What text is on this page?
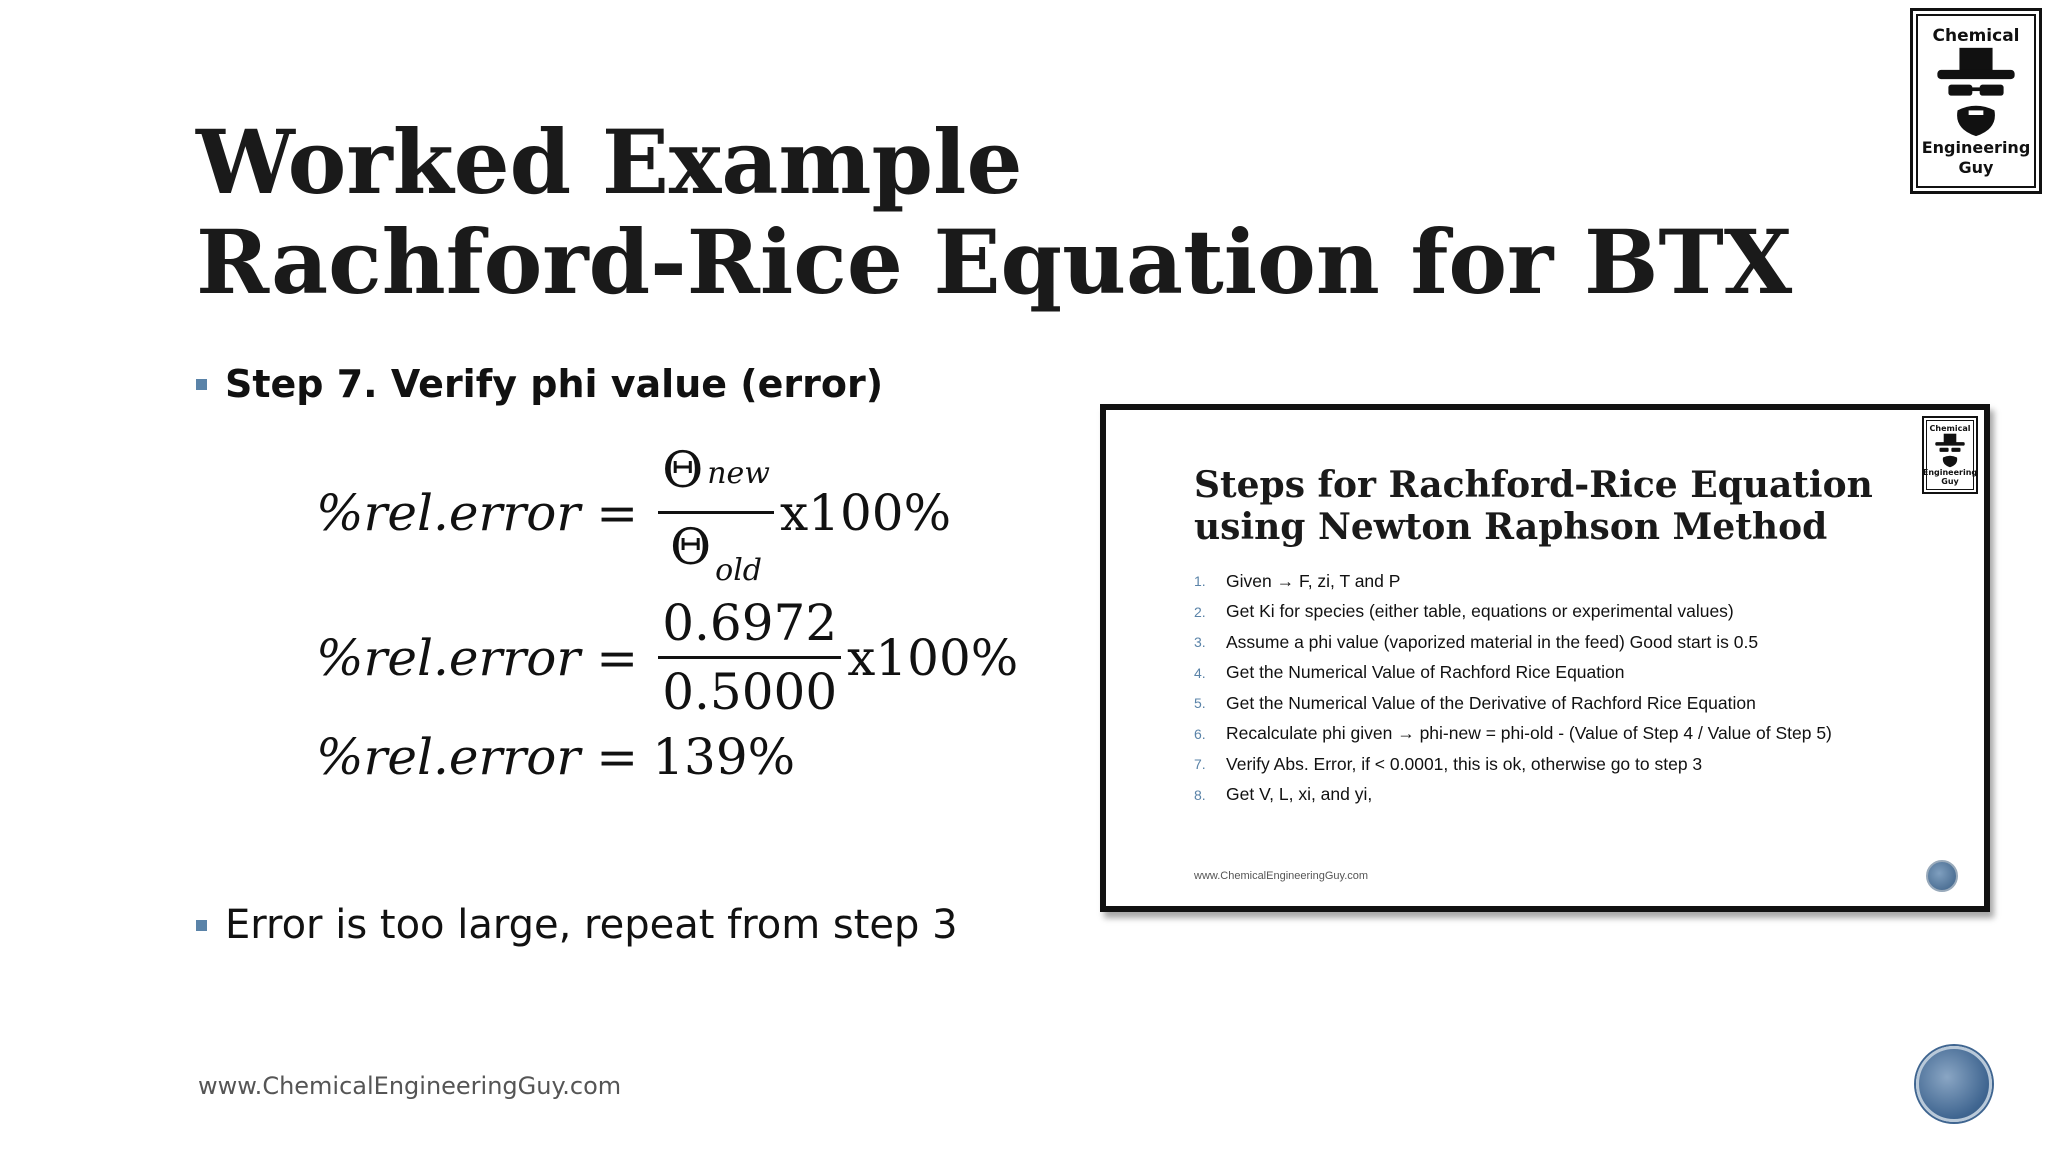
Chemical
Engineering Guy
Worked Example
Rachford-Rice Equation for BTX
Step 7. Verify phi value (error)
%rel.error = $\frac{\text{Θ new}}{\Theta _{old}} x100\%$
%rel.error = $\frac{0.6972}{0.5000} x100\%$
%rel.error = 139%
Error is too large, repeat from step 3
Steps for Rachford-Rice Equation
using Newton Raphson Method
Chemical
Engineering Guy
1.	Given → F, zi, T and P
2.	Get Ki for species (either table, equations or experimental values)
3.	Assume a phi value (vaporized material in the feed) Good start is 0.5
4.	Get the Numerical Value of Rachford Rice Equation
5.	Get the Numerical Value of the Derivative of Rachford Rice Equation
6.	Recalculate phi given → phi-new = phi-old - (Value of Step 4 / Value of Step 5)
7.	Verify Abs. Error, if < 0.0001, this is ok, otherwise go to step 3
8.	Get V, L, xi, and yi,
www.ChemicalEngineeringGuy.com
www.ChemicalEngineeringGuy.com
